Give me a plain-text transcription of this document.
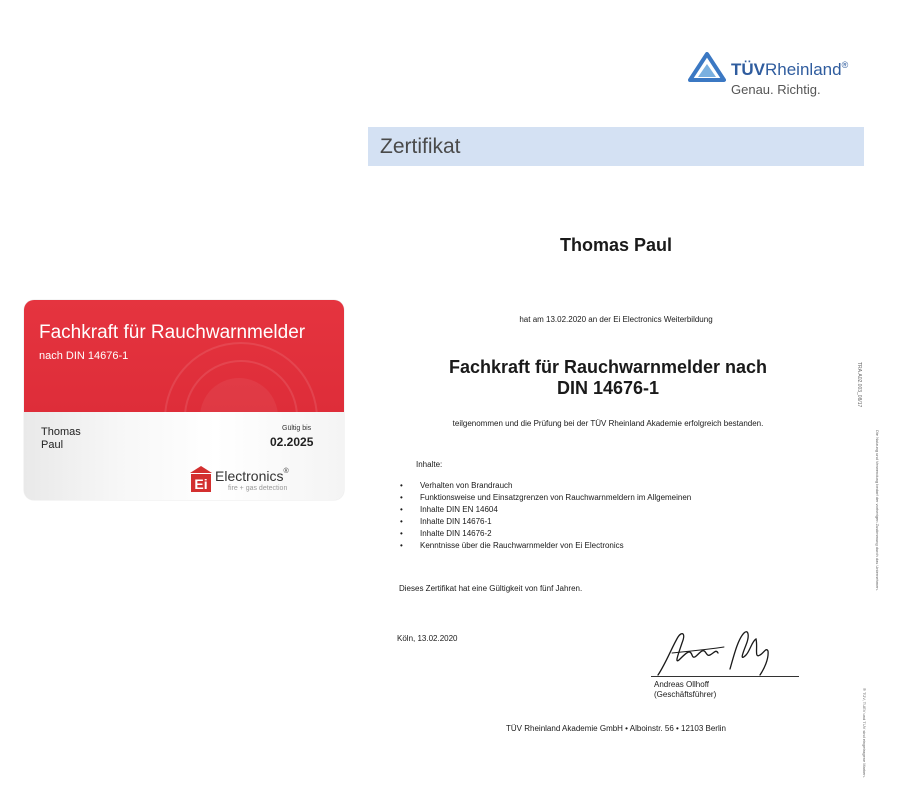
Fachkraft für Rauchwarnmelder
nach DIN 14676-1
Thomas
Paul
Gültig bis
02.2025
Ei Electronics®
fire + gas detection
TÜVRheinland®
Genau. Richtig.
Zertifikat
Thomas Paul
hat am 13.02.2020 an der Ei Electronics Weiterbildung
Fachkraft für Rauchwarnmelder nach
DIN 14676-1
teilgenommen und die Prüfung bei der TÜV Rheinland Akademie erfolgreich bestanden.
Inhalte:
• Verhalten von Brandrauch
• Funktionsweise und Einsatzgrenzen von Rauchwarnmeldern im Allgemeinen
• Inhalte DIN EN 14604
• Inhalte DIN 14676-1
• Inhalte DIN 14676-2
• Kenntnisse über die Rauchwarnmelder von Ei Electronics
Dieses Zertifikat hat eine Gültigkeit von fünf Jahren.
Köln, 13.02.2020
Andreas Ollhoff
(Geschäftsführer)
TÜV Rheinland Akademie GmbH • Alboinstr. 56 • 12103 Berlin
TRA.A02.003_08/17
Die Nutzung und Verwendung bedarf der vorherigen Zustimmung durch das Unternehmen.
® TÜV, TUEV und TUV sind eingetragene Marken.
